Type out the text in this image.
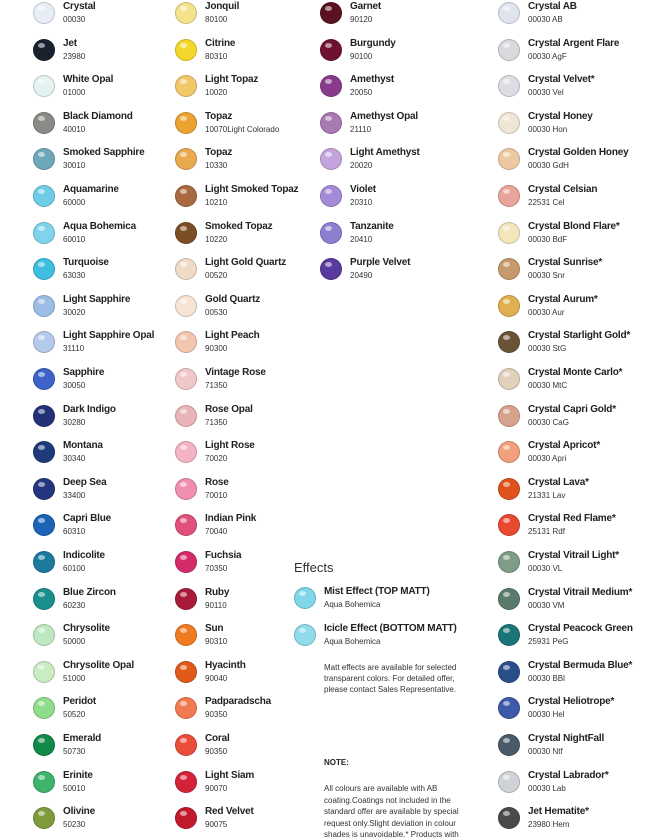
Crystal
00030
Jet
23980
White Opal
01000
Black Diamond
40010
Smoked Sapphire
30010
Aquamarine
60000
Aqua Bohemica
60010
Turquoise
63030
Light Sapphire
30020
Light Sapphire Opal
31110
Sapphire
30050
Dark Indigo
30280
Montana
30340
Deep Sea
33400
Capri Blue
60310
Indicolite
60100
Blue Zircon
60230
Chrysolite
50000
Chrysolite Opal
51000
Peridot
50520
Emerald
50730
Erinite
50010
Olivine
50230
Jonquil
80100
Citrine
80310
Light Topaz
10020
Topaz
10070Light Colorado
Topaz
10330
Light Smoked Topaz
10210
Smoked Topaz
10220
Light Gold Quartz
00520
Gold Quartz
00530
Light Peach
90300
Vintage Rose
71350
Rose Opal
71350
Light Rose
70020
Rose
70010
Indian Pink
70040
Fuchsia
70350
Ruby
90110
Sun
90310
Hyacinth
90040
Padparadscha
90350
Coral
90350
Light Siam
90070
Red Velvet
90075
Garnet
90120
Burgundy
90100
Amethyst
20050
Amethyst Opal
21110
Light Amethyst
20020
Violet
20310
Tanzanite
20410
Purple Velvet
20490
Crystal AB
00030 AB
Crystal Argent Flare
00030 AgF
Crystal Velvet*
00030 Vel
Crystal Honey
00030 Hon
Crystal Golden Honey
00030 GdH
Crystal Celsian
22531 Cel
Crystal Blond Flare*
00030 BdF
Crystal Sunrise*
00030 Snr
Crystal Aurum*
00030 Aur
Crystal Starlight Gold*
00030 StG
Crystal Monte Carlo*
00030 MtC
Crystal Capri Gold*
00030 CaG
Crystal Apricot*
00030 Apri
Crystal Lava*
21331 Lav
Crystal Red Flame*
25131 Rdf
Crystal Vitrail Light*
00030 VL
Crystal Vitrail Medium*
00030 VM
Crystal Peacock Green
25931 PeG
Crystal Bermuda Blue*
00030 BBl
Crystal Heliotrope*
00030 Hel
Crystal NightFall
00030 Ntf
Crystal Labrador*
00030 Lab
Jet Hematite*
23980 Hem
Effects
Mist Effect (TOP MATT)
Aqua Bohemica
Icicle Effect (BOTTOM MATT)
Aqua Bohemica
Matt effects are available for selected transparent colors. For detailed offer, please contact Sales Representative.
NOTE:
All colours are available with AB coating.Coatings not included in the standard offer are available by special request only.Slight deviation in colour shades is unavoidable.* Products with
